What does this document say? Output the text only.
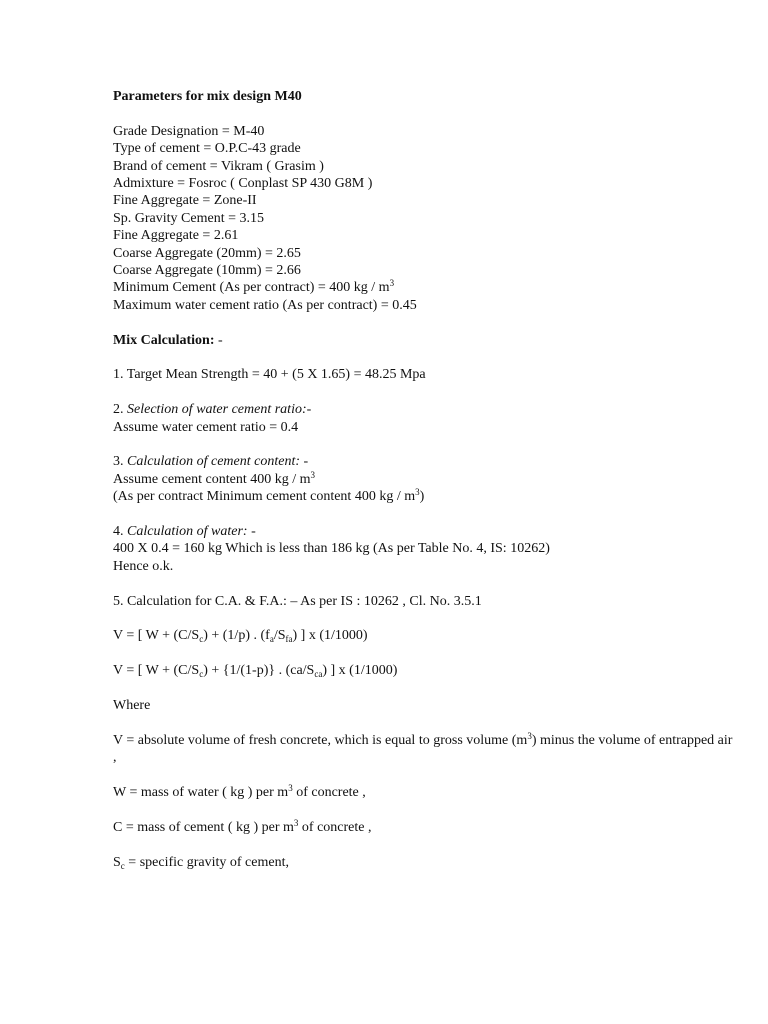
Parameters for mix design M40
Grade Designation = M-40
Type of cement = O.P.C-43 grade
Brand of cement = Vikram ( Grasim )
Admixture = Fosroc ( Conplast SP 430 G8M )
Fine Aggregate = Zone-II
Sp. Gravity Cement = 3.15
Fine Aggregate = 2.61
Coarse Aggregate (20mm) = 2.65
Coarse Aggregate (10mm) = 2.66
Minimum Cement (As per contract) = 400 kg / $m^3$
Maximum water cement ratio (As per contract) = 0.45
Mix Calculation: -
1. Target Mean Strength = 40 + (5 X 1.65) = 48.25 Mpa
2. Selection of water cement ratio:-
Assume water cement ratio = 0.4
3. Calculation of cement content: -
Assume cement content 400 kg / $m^3$
(As per contract Minimum cement content 400 kg / $m^3$)
4. Calculation of water: -
400 X 0.4 = 160 kg Which is less than 186 kg (As per Table No. 4, IS: 10262)
Hence o.k.
5. Calculation for C.A. & F.A.: – As per IS : 10262 , Cl. No. 3.5.1
V = [ $W + (C/S_c) + (1/p)$ . $(f_a/S_{fa})$ ] x (1/1000)
V = [ $W + (C/S_c) + \{1/(1-p)\}$ . $(ca/S_{ca})$ ] x (1/1000)
Where
V = absolute volume of fresh concrete, which is equal to gross volume $(m^3)$ minus the volume of entrapped air ,
W = mass of water ( kg ) per $m^3$ of concrete ,
C = mass of cement ( kg ) per $m^3$ of concrete ,
$S_c$ = specific gravity of cement,
